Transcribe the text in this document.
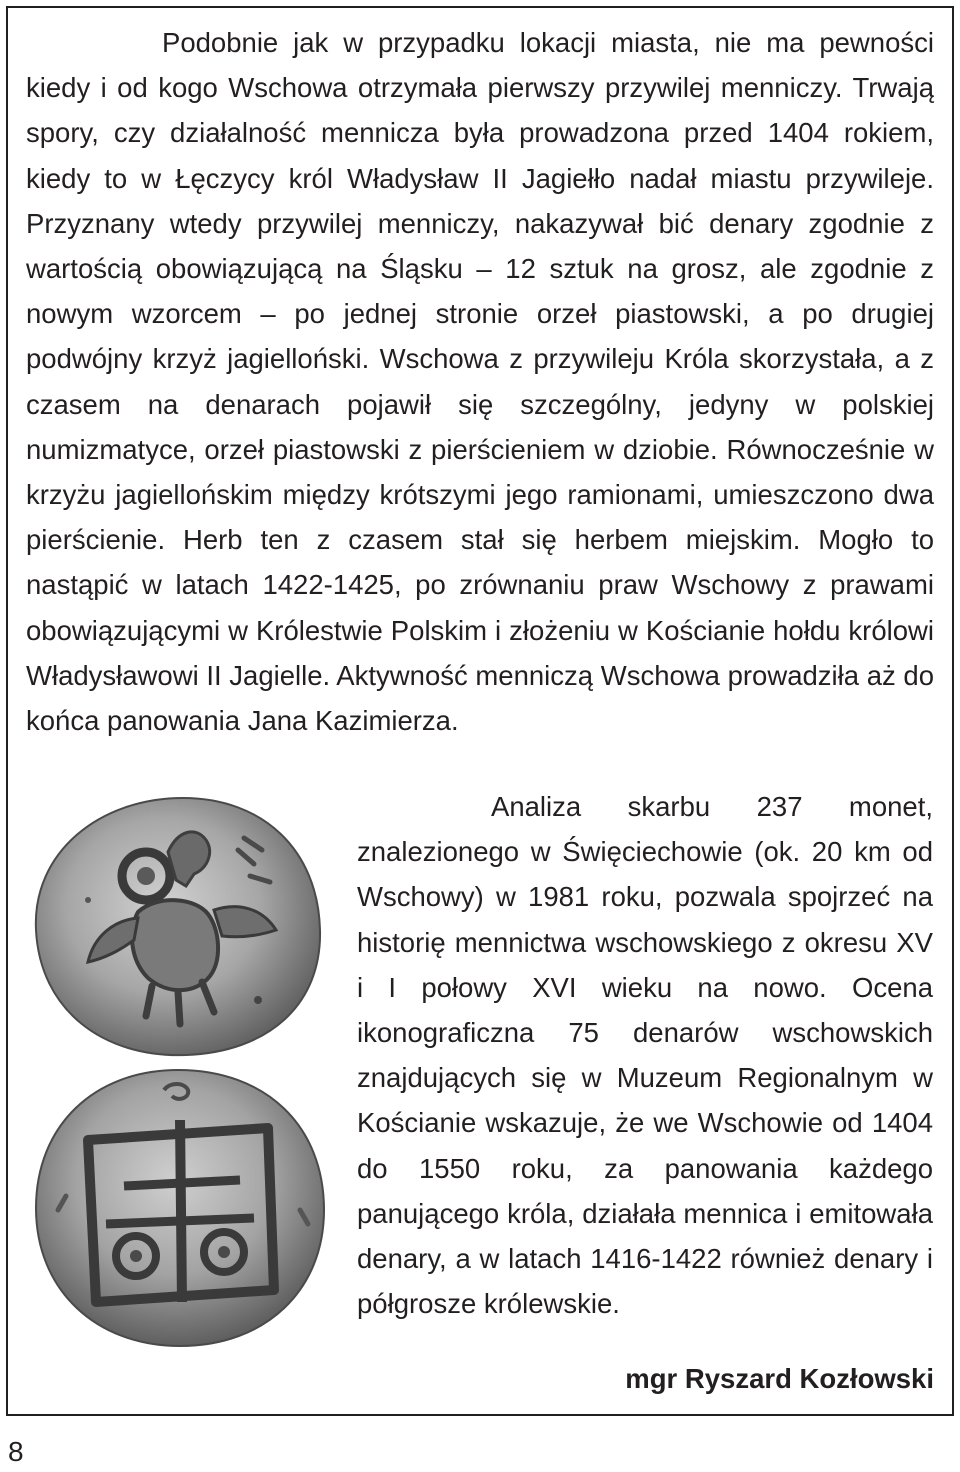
Podobnie jak w przypadku lokacji miasta, nie ma pewności kiedy i od kogo Wschowa otrzymała pierwszy przywilej menniczy. Trwają spory, czy działalność mennicza była prowadzona przed 1404 rokiem, kiedy to w Łęczycy król Władysław II Jagiełło nadał miastu przywileje. Przyznany wtedy przywilej menniczy, nakazywał bić denary zgodnie z wartością obowiązującą na Śląsku – 12 sztuk na grosz, ale zgodnie z nowym wzorcem – po jednej stronie orzeł piastowski, a po drugiej podwójny krzyż jagielloński. Wschowa z przywileju Króla skorzystała, a z czasem na denarach pojawił się szczególny, jedyny w polskiej numizmatyce, orzeł piastowski z pierścieniem w dziobie. Równocześnie w krzyżu jagiellońskim między krótszymi jego ramionami, umieszczono dwa pierścienie. Herb ten z czasem stał się herbem miejskim. Mogło to nastąpić w latach 1422-1425, po zrównaniu praw Wschowy z prawami obowiązującymi w Królestwie Polskim i złożeniu w Kościanie hołdu królowi Władysławowi II Jagielle. Aktywność menniczą Wschowa prowadziła aż do końca panowania Jana Kazimierza.

Analiza skarbu 237 monet, znalezionego w Święciechowie (ok. 20 km od Wschowy) w 1981 roku, pozwala spojrzeć na historię mennictwa wschowskiego z okresu XV i I połowy XVI wieku na nowo. Ocena ikonograficzna 75 denarów wschowskich znajdujących się w Muzeum Regionalnym w Kościanie wskazuje, że we Wschowie od 1404 do 1550 roku, za panowania każdego panującego króla, działała mennica i emitowała denary, a w latach 1416-1422 również denary i półgrosze królewskie.

mgr Ryszard Kozłowski

8
